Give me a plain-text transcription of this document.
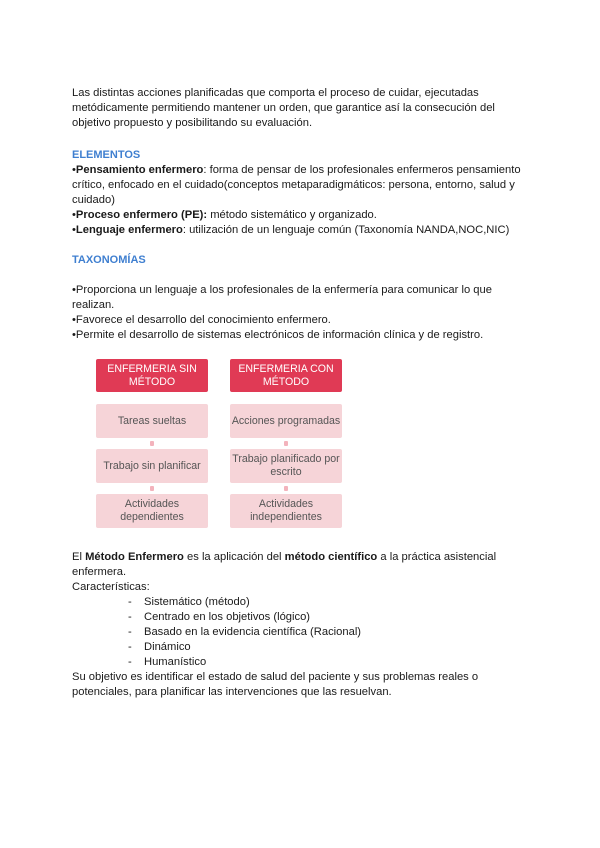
Las distintas acciones planificadas que comporta el proceso de cuidar, ejecutadas metódicamente permitiendo mantener un orden, que garantice así la consecución del objetivo propuesto y posibilitando su evaluación.

ELEMENTOS

•Pensamiento enfermero: forma de pensar de los profesionales enfermeros pensamiento crítico, enfocado en el cuidado(conceptos metaparadigmáticos: persona, entorno, salud y cuidado)

•Proceso enfermero (PE): método sistemático y organizado.

•Lenguaje enfermero: utilización de un lenguaje común (Taxonomía NANDA,NOC,NIC)

TAXONOMÍAS

•Proporciona un lenguaje a los profesionales de la enfermería para comunicar lo que realizan.

•Favorece el desarrollo del conocimiento enfermero.

•Permite el desarrollo de sistemas electrónicos de información clínica y de registro.

ENFERMERIA SIN MÉTODO
Tareas sueltas
Trabajo sin planificar
Actividades dependientes
ENFERMERIA CON MÉTODO
Acciones programadas
Trabajo planificado por escrito
Actividades independientes

El Método Enfermero es la aplicación del método científico a la práctica asistencial enfermera.

Características:

- Sistemático (método)
- Centrado en los objetivos (lógico)
- Basado en la evidencia científica (Racional)
- Dinámico
- Humanístico

Su objetivo es identificar el estado de salud del paciente y sus problemas reales o potenciales, para planificar las intervenciones que las resuelvan.
